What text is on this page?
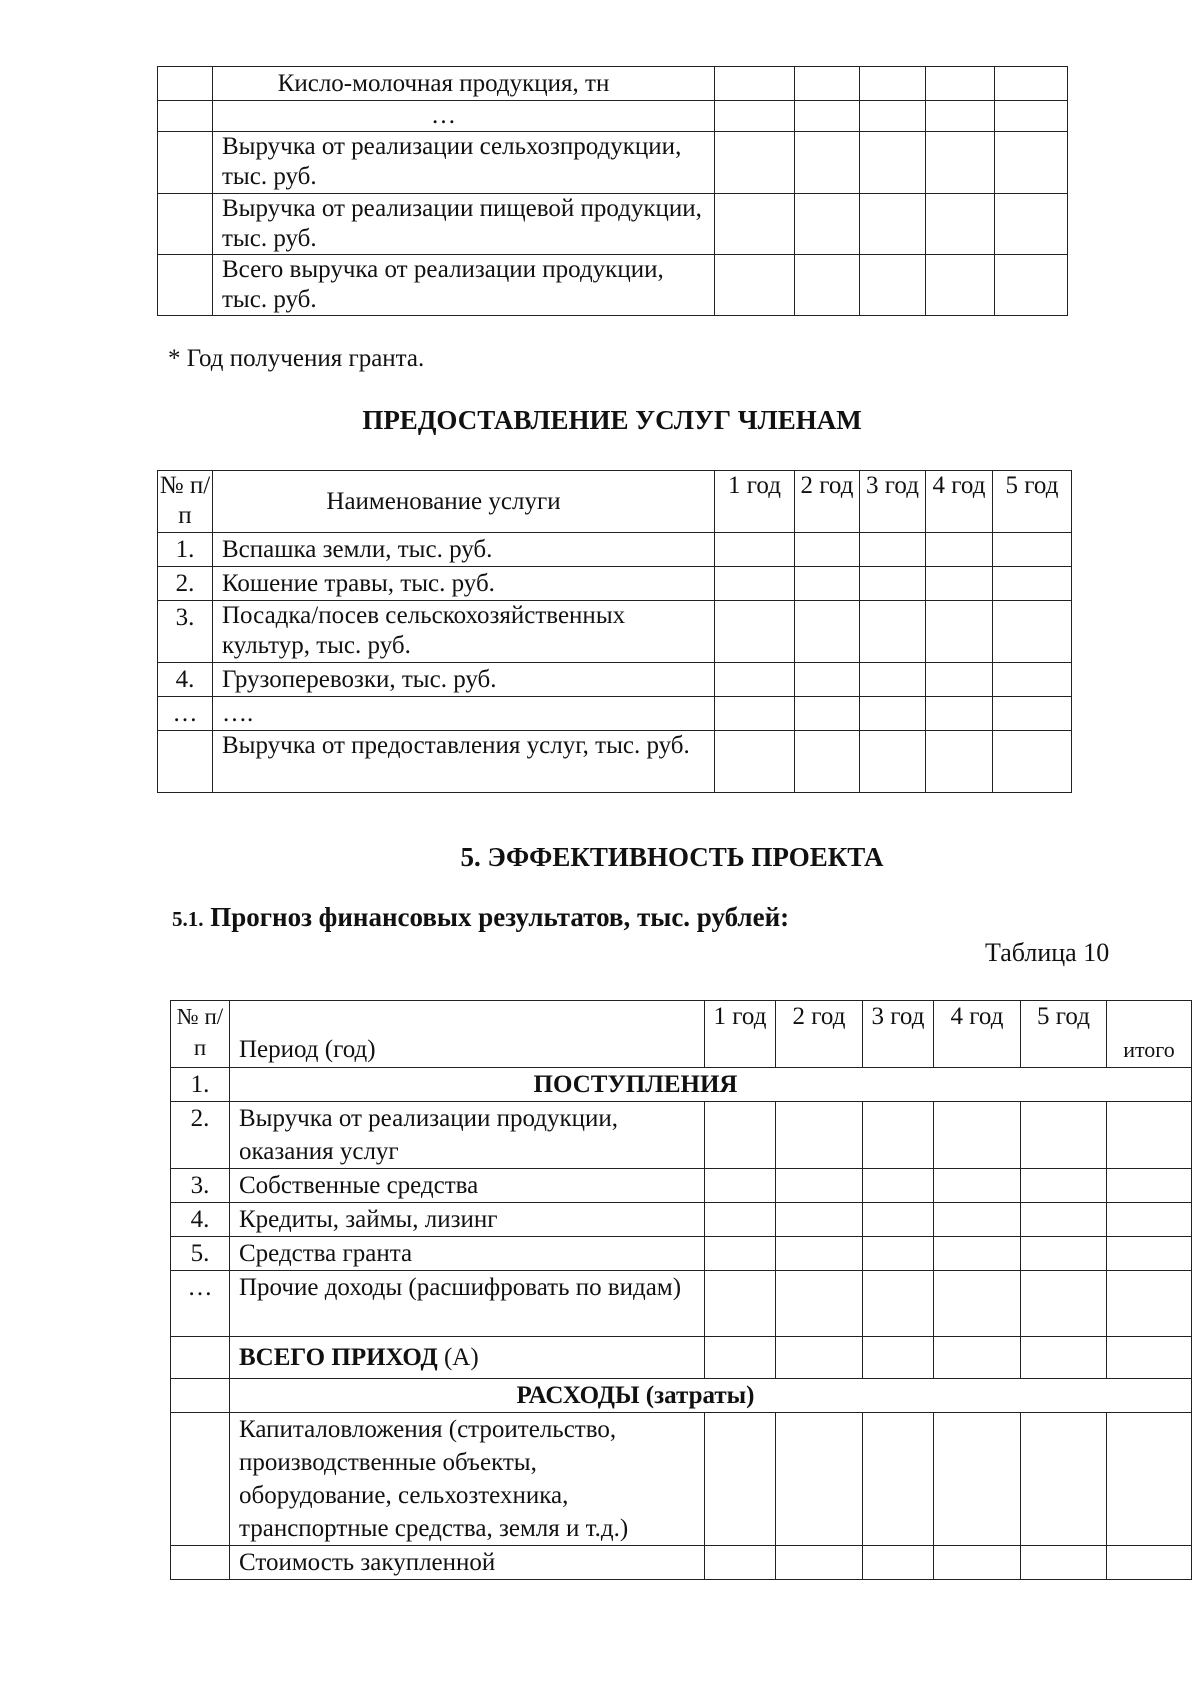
	Кисло-молочная продукция, тн					
	…					
	Выручка от реализации сельхозпродукции, тыс. руб.					
	Выручка от реализации пищевой продукции, тыс. руб.					
	Всего выручка от реализации продукции, тыс. руб.					
* Год получения гранта.
ПРЕДОСТАВЛЕНИЕ УСЛУГ ЧЛЕНАМ
№ п/п	Наименование услуги	1 год	2 год	3 год	4 год	5 год
1.	Вспашка земли, тыс. руб.					
2.	Кошение травы, тыс. руб.					
3.	Посадка/посев сельскохозяйственных культур, тыс. руб.					
4.	Грузоперевозки, тыс. руб.					
…	….					
	Выручка от предоставления услуг, тыс. руб.					
5. ЭФФЕКТИВНОСТЬ ПРОЕКТА
5.1. Прогноз финансовых результатов, тыс. рублей:
Таблица 10
№ п/п	Период (год)	1 год	2 год	3 год	4 год	5 год	итого
1.	ПОСТУПЛЕНИЯ						
2.	Выручка от реализации продукции, оказания услуг						
3.	Собственные средства						
4.	Кредиты, займы, лизинг						
5.	Средства гранта						
…	Прочие доходы (расшифровать по видам)						
	ВСЕГО ПРИХОД (А)						
	РАСХОДЫ (затраты)						
	Капиталовложения (строительство, производственные объекты, оборудование, сельхозтехника, транспортные средства, земля и т.д.)						
	Стоимость закупленной						
